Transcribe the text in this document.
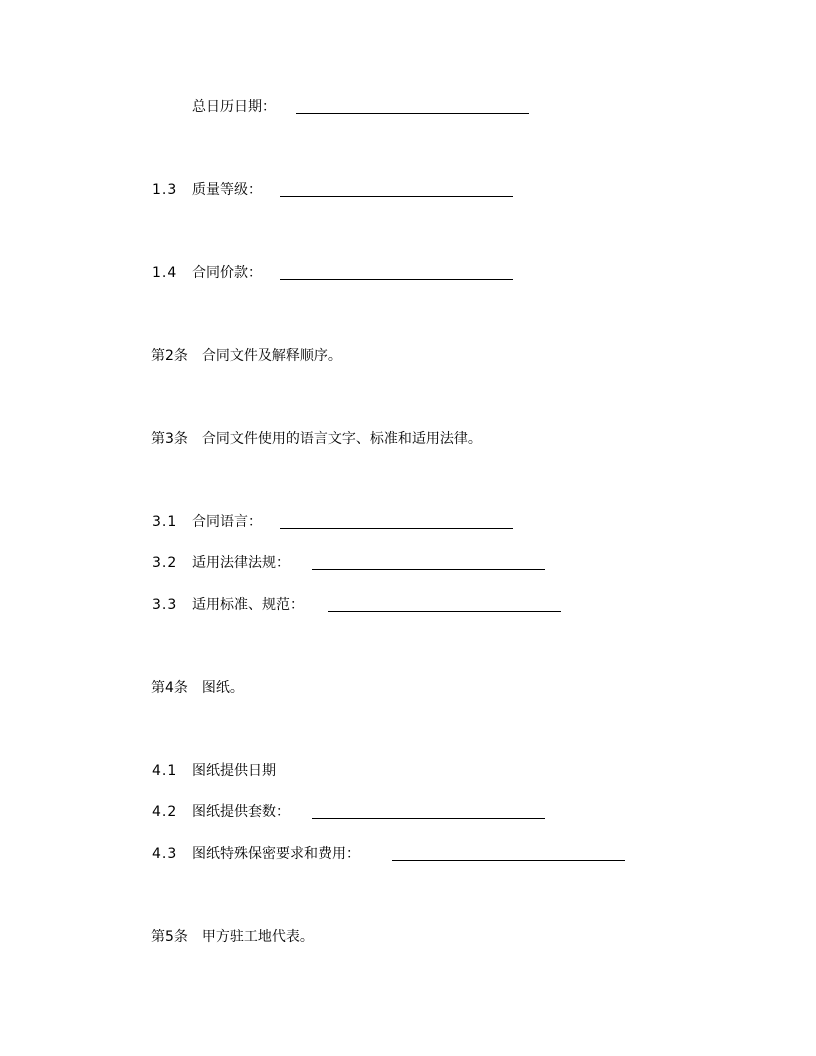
总日历日期：
1.3 质量等级：
1.4 合同价款：
第2条　合同文件及解释顺序。
第3条　合同文件使用的语言文字、标准和适用法律。
3.1 合同语言：
3.2 适用法律法规：
3.3 适用标准、规范：
第4条　图纸。
4.1 图纸提供日期
4.2 图纸提供套数：
4.3 图纸特殊保密要求和费用：
第5条　甲方驻工地代表。
